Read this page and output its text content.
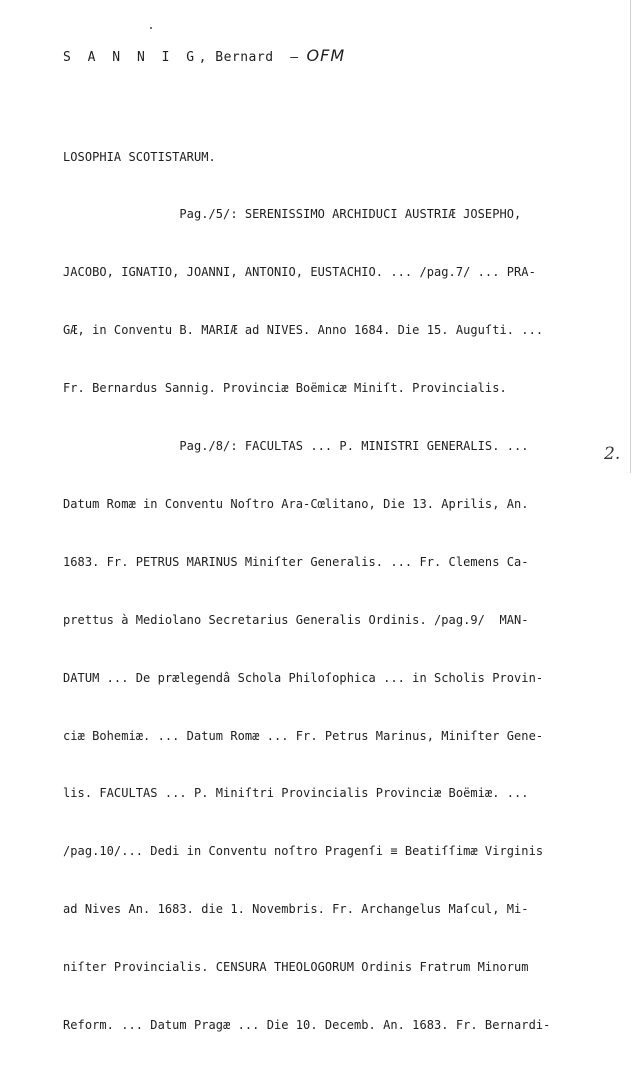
S A N N I G, Bernard — OFM

LOSOPHIA SCOTISTARUM.

Pag./5/: SERENISSIMO ARCHIDUCI AUSTRIÆ JOSEPHO,

JACOBO, IGNATIO, JOANNI, ANTONIO, EUSTACHIO. ... /pag.7/ ... PRA-

GÆ, in Conventu B. MARIÆ ad NIVES. Anno 1684. Die 15. Auguſti. ...

Fr. Bernardus Sannig. Provinciæ Boëmicæ Miniſt. Provincialis.

Pag./8/: FACULTAS ... P. MINISTRI GENERALIS. ...

Datum Romæ in Conventu Noſtro Ara-Cœlitano, Die 13. Aprilis, An.

1683. Fr. PETRUS MARINUS Miniſter Generalis. ... Fr. Clemens Ca-

prettus à Mediolano Secretarius Generalis Ordinis. /pag.9/  MAN-

DATUM ... De prælegendâ Schola Philoſophica ... in Scholis Provin-

ciæ Bohemiæ. ... Datum Romæ ... Fr. Petrus Marinus, Miniſter Gene-

lis. FACULTAS ... P. Miniſtri Provincialis Provinciæ Boëmiæ. ...

/pag.10/... Dedi in Conventu noſtro Pragenſi ≡ Beatiſſimæ Virginis

ad Nives An. 1683. die 1. Novembris. Fr. Archangelus Maſcul, Mi-

niſter Provincialis. CENSURA THEOLOGORUM Ordinis Fratrum Minorum

Reform. ... Datum Pragæ ... Die 10. Decemb. An. 1683. Fr. Bernardi-

2.
